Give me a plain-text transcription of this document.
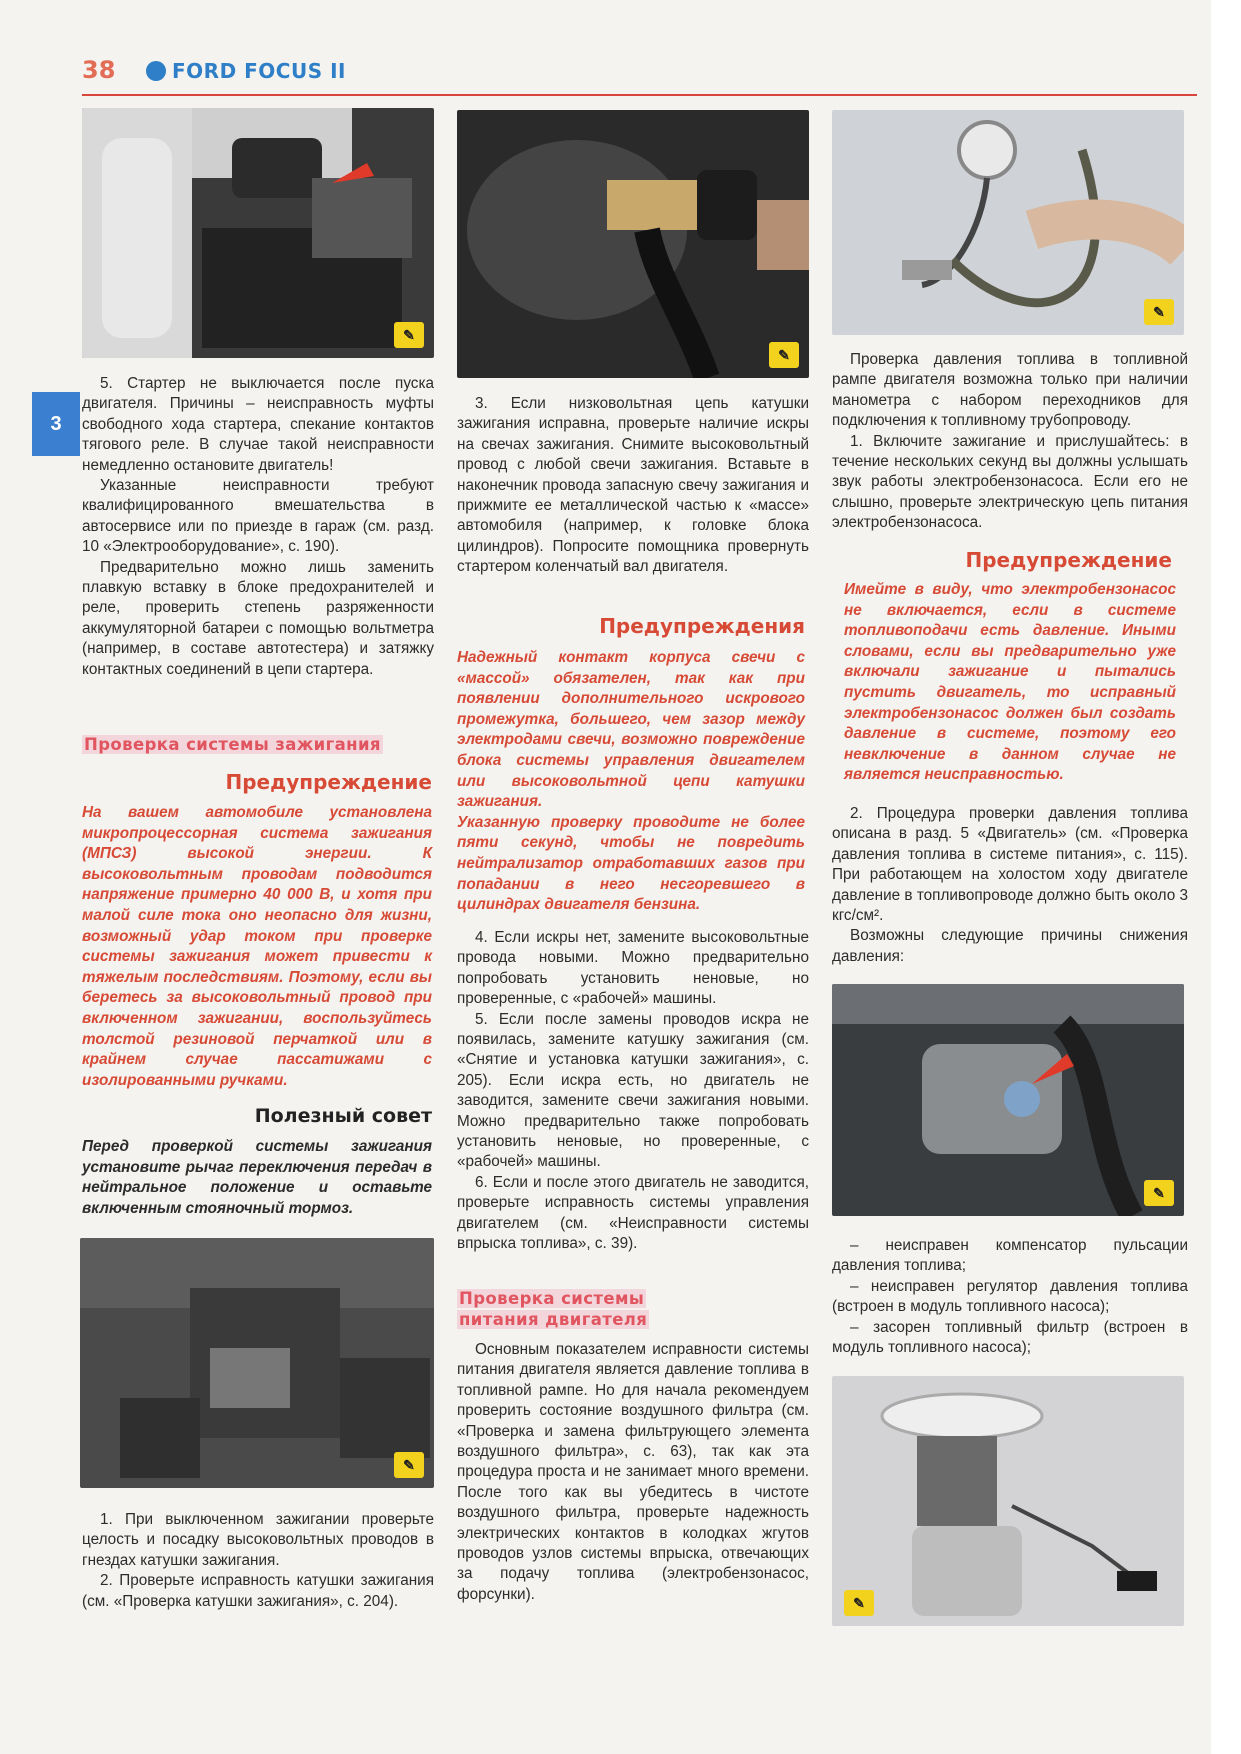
38	FORD FOCUS II
3
✎

5. Стартер не выключается после пуска двигателя. Причины – неисправность муфты свободного хода стартера, спекание контактов тягового реле. В случае такой неисправности немедленно остановите двигатель!

Указанные неисправности требуют квалифицированного вмешательства в автосервисе или по приезде в гараж (см. разд. 10 «Электрооборудование», с. 190).

Предварительно можно лишь заменить плавкую вставку в блоке предохранителей и реле, проверить степень разряженности аккумуляторной батареи с помощью вольтметра (например, в составе автотестера) и затяжку контактных соединений в цепи стартера.

Проверка системы зажигания
Предупреждение

На вашем автомобиле установлена микропроцессорная система зажигания (МПСЗ) высокой энергии. К высоковольтным проводам подводится напряжение примерно 40 000 В, и хотя при малой силе тока оно неопасно для жизни, возможный удар током при проверке системы зажигания может привести к тяжелым последствиям. Поэтому, если вы беретесь за высоковольтный провод при включенном зажигании, воспользуйтесь толстой резиновой перчаткой или в крайнем случае пассатижами с изолированными ручками.

Полезный совет
Перед проверкой системы зажигания установите рычаг переключения передач в нейтральное положение и оставьте включенным стояночный тормоз.
✎

1. При выключенном зажигании проверьте целость и посадку высоковольтных проводов в гнездах катушки зажигания.

2. Проверьте исправность катушки зажигания (см. «Проверка катушки зажигания», с. 204).

✎
3. Если низковольтная цепь катушки зажигания исправна, проверьте наличие искры на свечах зажигания. Снимите высоковольтный провод с любой свечи зажигания. Вставьте в наконечник провода запасную свечу зажигания и прижмите ее металлической частью к «массе» автомобиля (например, к головке блока цилиндров). Попросите помощника провернуть стартером коленчатый вал двигателя.
Предупреждения

Надежный контакт корпуса свечи с «массой» обязателен, так как при появлении дополнительного искрового промежутка, большего, чем зазор между электродами свечи, возможно повреждение блока системы управления двигателем или высоковольтной цепи катушки зажигания.

Указанную проверку проводите не более пяти секунд, чтобы не повредить нейтрализатор отработавших газов при попадании в него несгоревшего в цилиндрах двигателя бензина.

4. Если искры нет, замените высоковольтные провода новыми. Можно предварительно попробовать установить неновые, но проверенные, с «рабочей» машины.

5. Если после замены проводов искра не появилась, замените катушку зажигания (см. «Снятие и установка катушки зажигания», с. 205). Если искра есть, но двигатель не заводится, замените свечи зажигания новыми. Можно предварительно также попробовать установить неновые, но проверенные, с «рабочей» машины.

6. Если и после этого двигатель не заводится, проверьте исправность системы управления двигателем (см. «Неисправности системы впрыска топлива», с. 39).

Проверка системы
питания двигателя
Основным показателем исправности системы питания двигателя является давление топлива в топливной рампе. Но для начала рекомендуем проверить состояние воздушного фильтра (см. «Проверка и замена фильтрующего элемента воздушного фильтра», с. 63), так как эта процедура проста и не занимает много времени. После того как вы убедитесь в чистоте воздушного фильтра, проверьте надежность электрических контактов в колодках жгутов проводов узлов системы впрыска, отвечающих за подачу топлива (электробензонасос, форсунки).
✎

Проверка давления топлива в топливной рампе двигателя возможна только при наличии манометра с набором переходников для подключения к топливному трубопроводу.

1. Включите зажигание и прислушайтесь: в течение нескольких секунд вы должны услышать звук работы электробензонасоса. Если его не слышно, проверьте электрическую цепь питания электробензонасоса.

Предупреждение
Имейте в виду, что электробензонасос не включается, если в системе топливоподачи есть давление. Иными словами, если вы предварительно уже включали зажигание и пытались пустить двигатель, то исправный электробензонасос должен был создать давление в системе, поэтому его невключение в данном случае не является неисправностью.

2. Процедура проверки давления топлива описана в разд. 5 «Двигатель» (см. «Проверка давления топлива в системе питания», с. 115). При работающем на холостом ходу двигателе давление в топливопроводе должно быть около 3 кгс/см².

Возможны следующие причины снижения давления:

✎

– неисправен компенсатор пульсации давления топлива;

– неисправен регулятор давления топлива (встроен в модуль топливного насоса);

– засорен топливный фильтр (встроен в модуль топливного насоса);

✎
